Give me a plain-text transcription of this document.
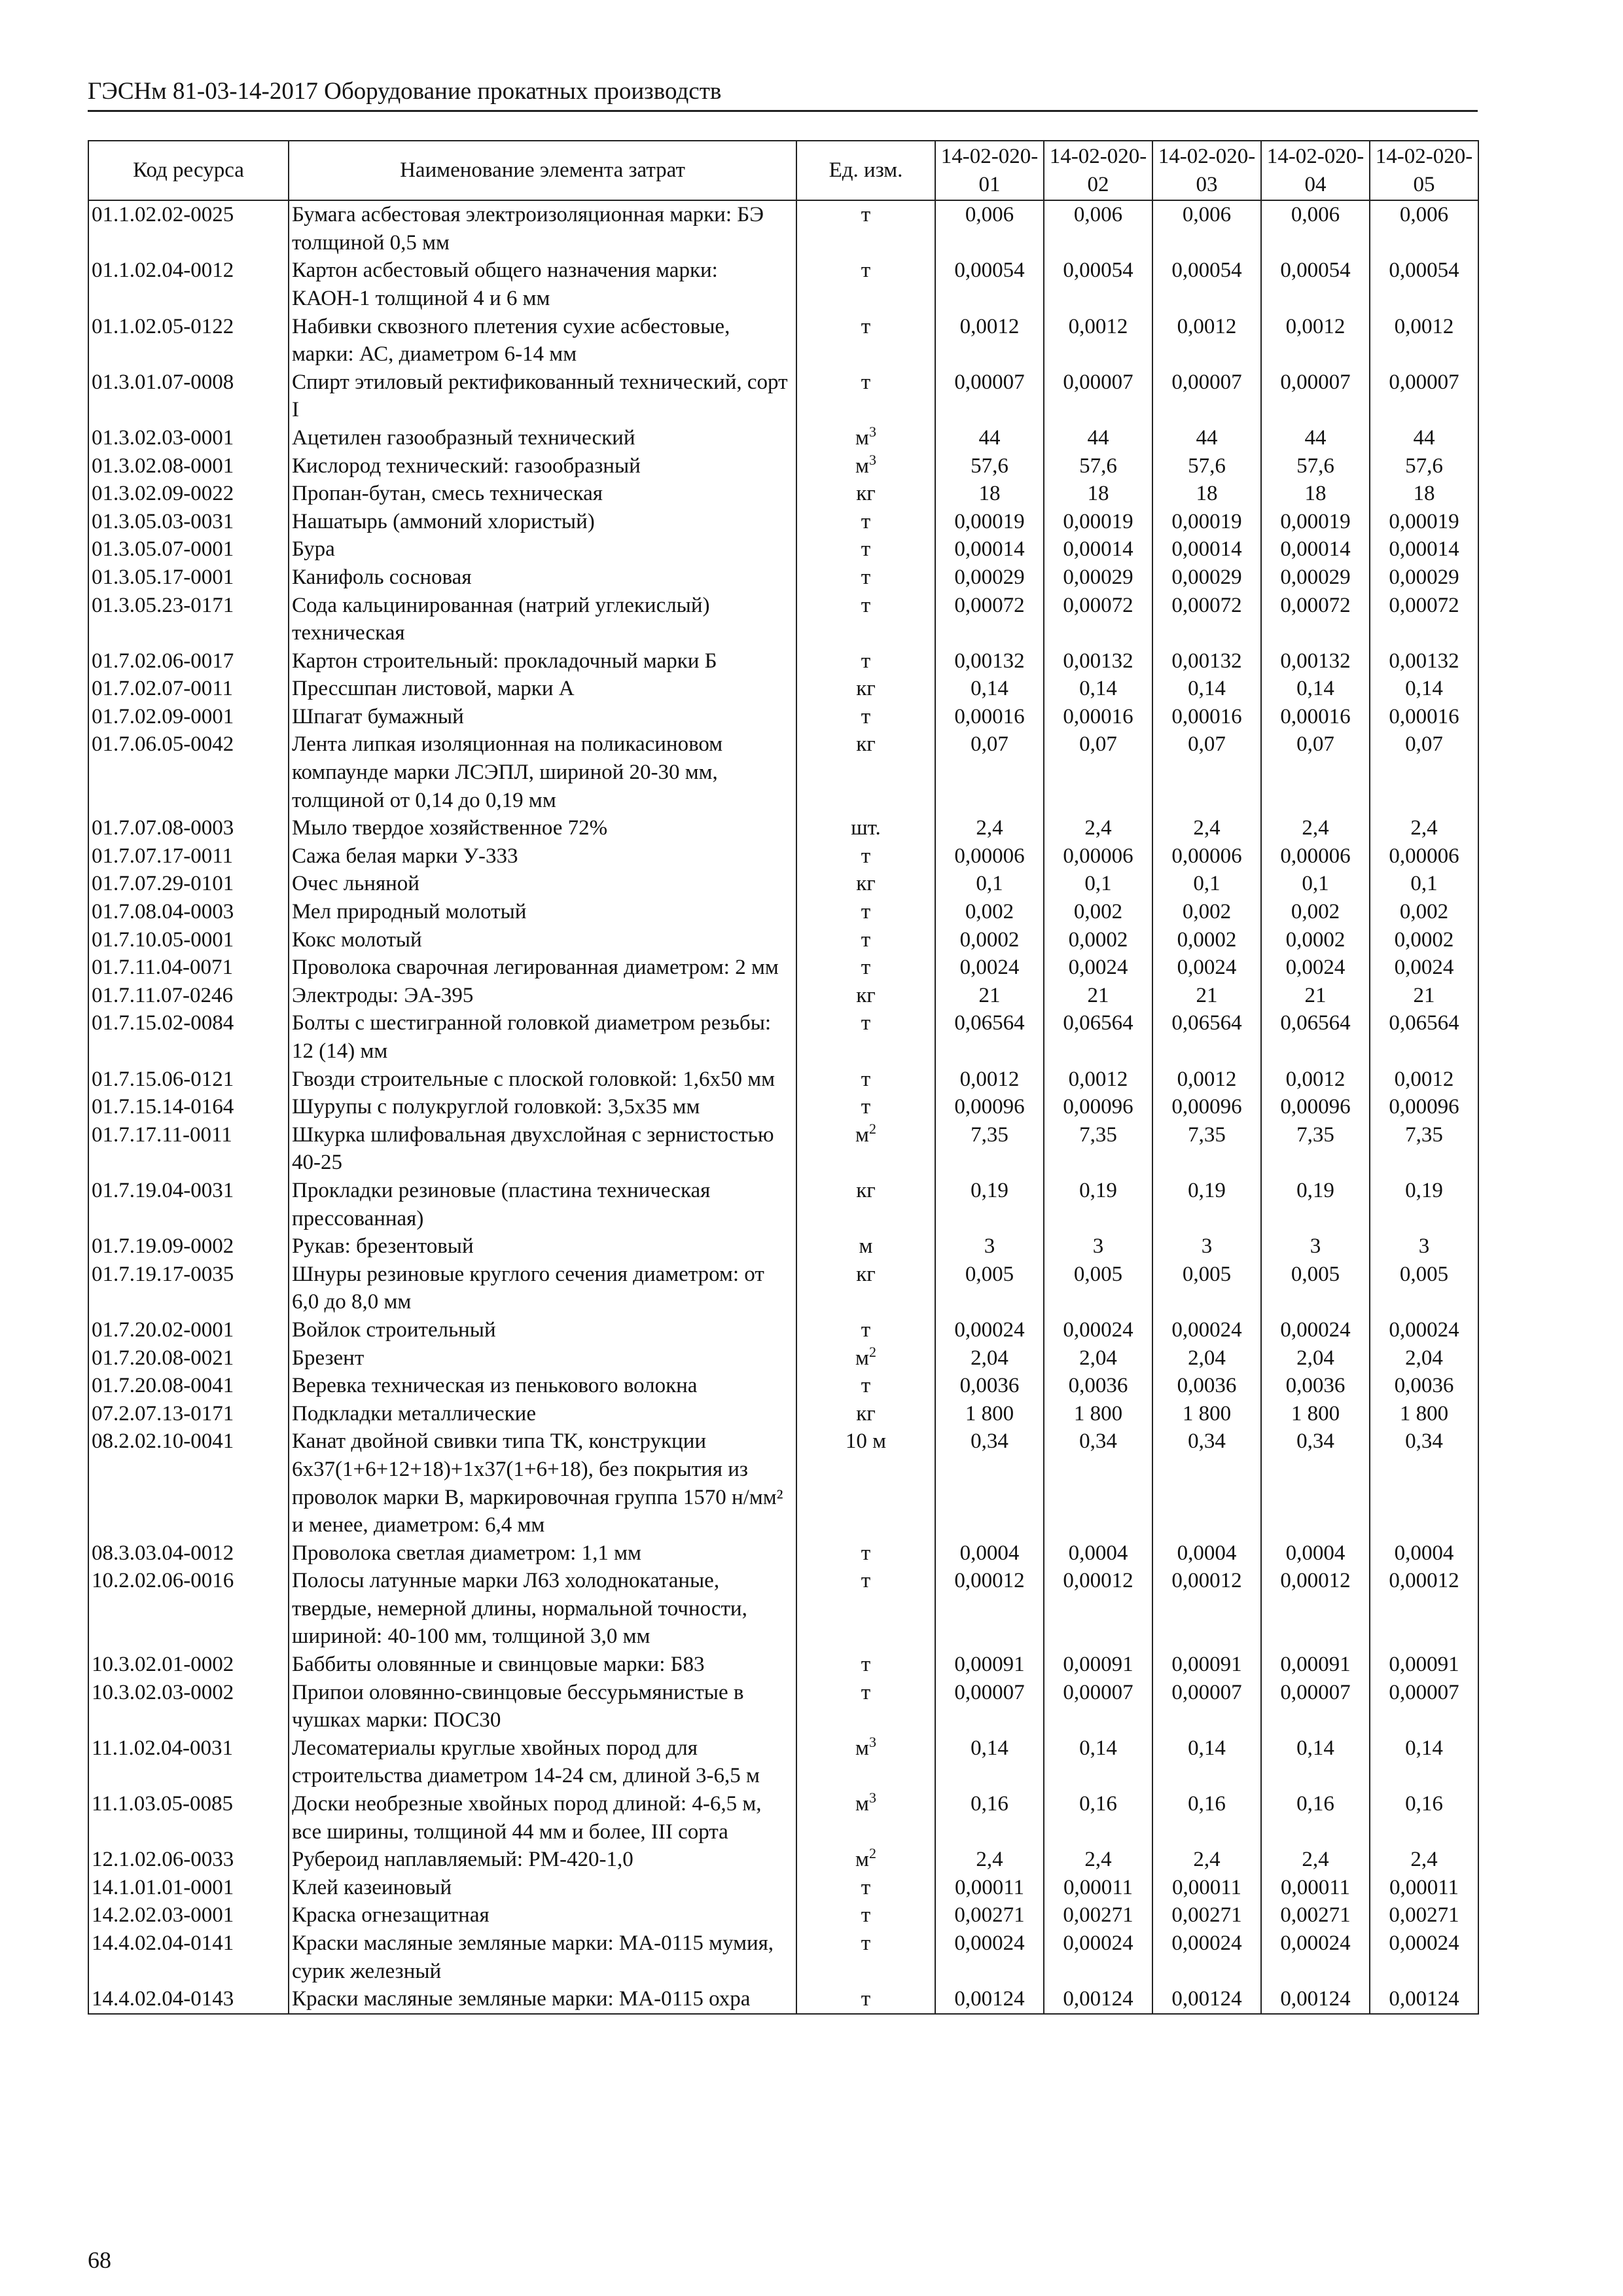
ГЭСНм 81-03-14-2017 Оборудование прокатных производств
Код ресурса	Наименование элемента затрат	Ед. изм.	14-02-020-01	14-02-020-02	14-02-020-03	14-02-020-04	14-02-020-05
01.1.02.02-0025	Бумага асбестовая электроизоляционная марки: БЭ толщиной 0,5 мм	т	0,006	0,006	0,006	0,006	0,006
01.1.02.04-0012	Картон асбестовый общего назначения марки: КАОН-1 толщиной 4 и 6 мм	т	0,00054	0,00054	0,00054	0,00054	0,00054
01.1.02.05-0122	Набивки сквозного плетения сухие асбестовые, марки: АС, диаметром 6-14 мм	т	0,0012	0,0012	0,0012	0,0012	0,0012
01.3.01.07-0008	Спирт этиловый ректификованный технический, сорт I	т	0,00007	0,00007	0,00007	0,00007	0,00007
01.3.02.03-0001	Ацетилен газообразный технический	$м^3$	44	44	44	44	44
01.3.02.08-0001	Кислород технический: газообразный	$м^3$	57,6	57,6	57,6	57,6	57,6
01.3.02.09-0022	Пропан-бутан, смесь техническая	кг	18	18	18	18	18
01.3.05.03-0031	Нашатырь (аммоний хлористый)	т	0,00019	0,00019	0,00019	0,00019	0,00019
01.3.05.07-0001	Бура	т	0,00014	0,00014	0,00014	0,00014	0,00014
01.3.05.17-0001	Канифоль сосновая	т	0,00029	0,00029	0,00029	0,00029	0,00029
01.3.05.23-0171	Сода кальцинированная (натрий углекислый) техническая	т	0,00072	0,00072	0,00072	0,00072	0,00072
01.7.02.06-0017	Картон строительный: прокладочный марки Б	т	0,00132	0,00132	0,00132	0,00132	0,00132
01.7.02.07-0011	Прессшпан листовой, марки А	кг	0,14	0,14	0,14	0,14	0,14
01.7.02.09-0001	Шпагат бумажный	т	0,00016	0,00016	0,00016	0,00016	0,00016
01.7.06.05-0042	Лента липкая изоляционная на поликасиновом компаунде марки ЛСЭПЛ, шириной 20-30 мм, толщиной от 0,14 до 0,19 мм	кг	0,07	0,07	0,07	0,07	0,07
01.7.07.08-0003	Мыло твердое хозяйственное 72%	шт.	2,4	2,4	2,4	2,4	2,4
01.7.07.17-0011	Сажа белая марки У-333	т	0,00006	0,00006	0,00006	0,00006	0,00006
01.7.07.29-0101	Очес льняной	кг	0,1	0,1	0,1	0,1	0,1
01.7.08.04-0003	Мел природный молотый	т	0,002	0,002	0,002	0,002	0,002
01.7.10.05-0001	Кокс молотый	т	0,0002	0,0002	0,0002	0,0002	0,0002
01.7.11.04-0071	Проволока сварочная легированная диаметром: 2 мм	т	0,0024	0,0024	0,0024	0,0024	0,0024
01.7.11.07-0246	Электроды: ЭА-395	кг	21	21	21	21	21
01.7.15.02-0084	Болты с шестигранной головкой диаметром резьбы: 12 (14) мм	т	0,06564	0,06564	0,06564	0,06564	0,06564
01.7.15.06-0121	Гвозди строительные с плоской головкой: 1,6х50 мм	т	0,0012	0,0012	0,0012	0,0012	0,0012
01.7.15.14-0164	Шурупы с полукруглой головкой: 3,5х35 мм	т	0,00096	0,00096	0,00096	0,00096	0,00096
01.7.17.11-0011	Шкурка шлифовальная двухслойная с зернистостью 40-25	$м^2$	7,35	7,35	7,35	7,35	7,35
01.7.19.04-0031	Прокладки резиновые (пластина техническая прессованная)	кг	0,19	0,19	0,19	0,19	0,19
01.7.19.09-0002	Рукав: брезентовый	м	3	3	3	3	3
01.7.19.17-0035	Шнуры резиновые круглого сечения диаметром: от 6,0 до 8,0 мм	кг	0,005	0,005	0,005	0,005	0,005
01.7.20.02-0001	Войлок строительный	т	0,00024	0,00024	0,00024	0,00024	0,00024
01.7.20.08-0021	Брезент	$м^2$	2,04	2,04	2,04	2,04	2,04
01.7.20.08-0041	Веревка техническая из пенькового волокна	т	0,0036	0,0036	0,0036	0,0036	0,0036
07.2.07.13-0171	Подкладки металлические	кг	1 800	1 800	1 800	1 800	1 800
08.2.02.10-0041	Канат двойной свивки типа ТК, конструкции 6х37(1+6+12+18)+1х37(1+6+18), без покрытия из проволок марки В, маркировочная группа 1570 н/мм² и менее, диаметром: 6,4 мм	10 м	0,34	0,34	0,34	0,34	0,34
08.3.03.04-0012	Проволока светлая диаметром: 1,1 мм	т	0,0004	0,0004	0,0004	0,0004	0,0004
10.2.02.06-0016	Полосы латунные марки Л63 холоднокатаные, твердые, немерной длины, нормальной точности, шириной: 40-100 мм, толщиной 3,0 мм	т	0,00012	0,00012	0,00012	0,00012	0,00012
10.3.02.01-0002	Баббиты оловянные и свинцовые марки: Б83	т	0,00091	0,00091	0,00091	0,00091	0,00091
10.3.02.03-0002	Припои оловянно-свинцовые бессурьмянистые в чушках марки: ПОС30	т	0,00007	0,00007	0,00007	0,00007	0,00007
11.1.02.04-0031	Лесоматериалы круглые хвойных пород для строительства диаметром 14-24 см, длиной 3-6,5 м	$м^3$	0,14	0,14	0,14	0,14	0,14
11.1.03.05-0085	Доски необрезные хвойных пород длиной: 4-6,5 м, все ширины, толщиной 44 мм и более, III сорта	$м^3$	0,16	0,16	0,16	0,16	0,16
12.1.02.06-0033	Рубероид наплавляемый: РМ-420-1,0	$м^2$	2,4	2,4	2,4	2,4	2,4
14.1.01.01-0001	Клей казеиновый	т	0,00011	0,00011	0,00011	0,00011	0,00011
14.2.02.03-0001	Краска огнезащитная	т	0,00271	0,00271	0,00271	0,00271	0,00271
14.4.02.04-0141	Краски масляные земляные марки: МА-0115 мумия, сурик железный	т	0,00024	0,00024	0,00024	0,00024	0,00024
14.4.02.04-0143	Краски масляные земляные марки: МА-0115 охра	т	0,00124	0,00124	0,00124	0,00124	0,00124
68
